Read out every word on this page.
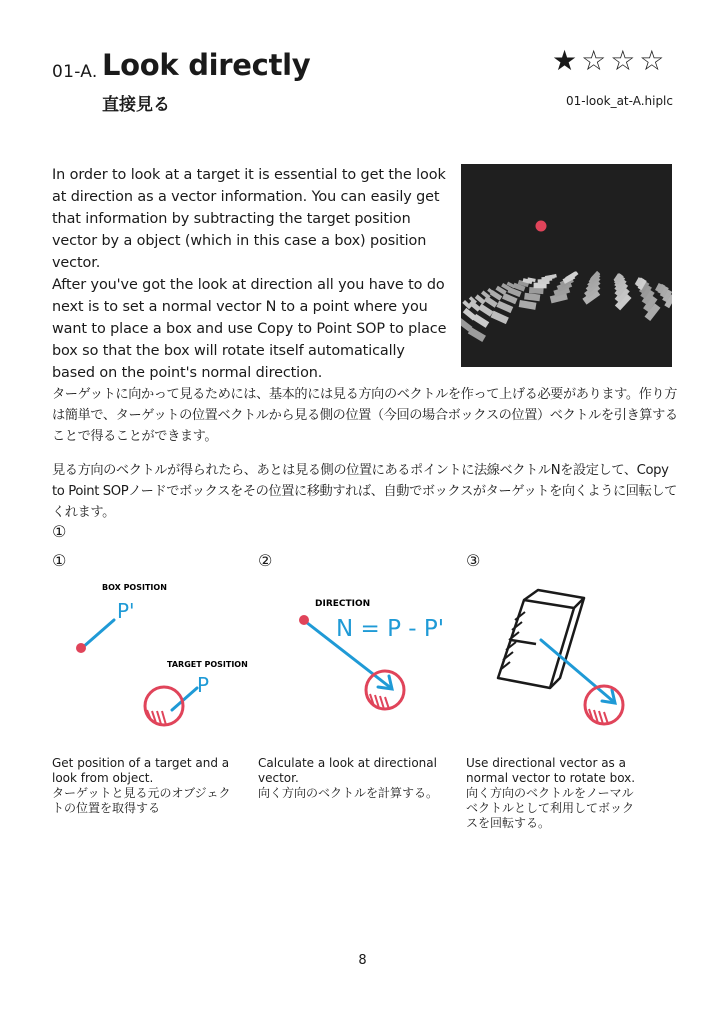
01-A. Look directly
直接見る
★☆☆☆
01-look_at-A.hiplc
In order to look at a target it is essential to get the look at direction as a vector information. You can easily get that information by subtracting the target position vector by a object (which in this case a box) position vector.
After you've got the look at direction all you have to do next is to set a normal vector N to a point where you want to place a box and use Copy to Point SOP to place box so that the box will rotate itself automatically based on the point's normal direction.
ターゲットに向かって見るためには、基本的には見る方向のベクトルを作って上げる必要があります。作り方は簡単で、ターゲットの位置ベクトルから見る側の位置（今回の場合ボックスの位置）ベクトルを引き算することで得ることができます。
見る方向のベクトルが得られたら、あとは見る側の位置にあるポイントに法線ベクトルNを設定して、Copy to Point SOPノードでボックスをその位置に移動すれば、自動でボックスがターゲットを向くように回転してくれます。
①
①	②	③
BOX POSITION
P'
TARGET POSITION
P
DIRECTION
N = P - P'
Get position of a target and a look from object.
ターゲットと見る元のオブジェクトの位置を取得する
Calculate a look at directional vector.
向く方向のベクトルを計算する。
Use directional vector as a normal vector to rotate box.
向く方向のベクトルをノーマルベクトルとして利用してボックスを回転する。
8
